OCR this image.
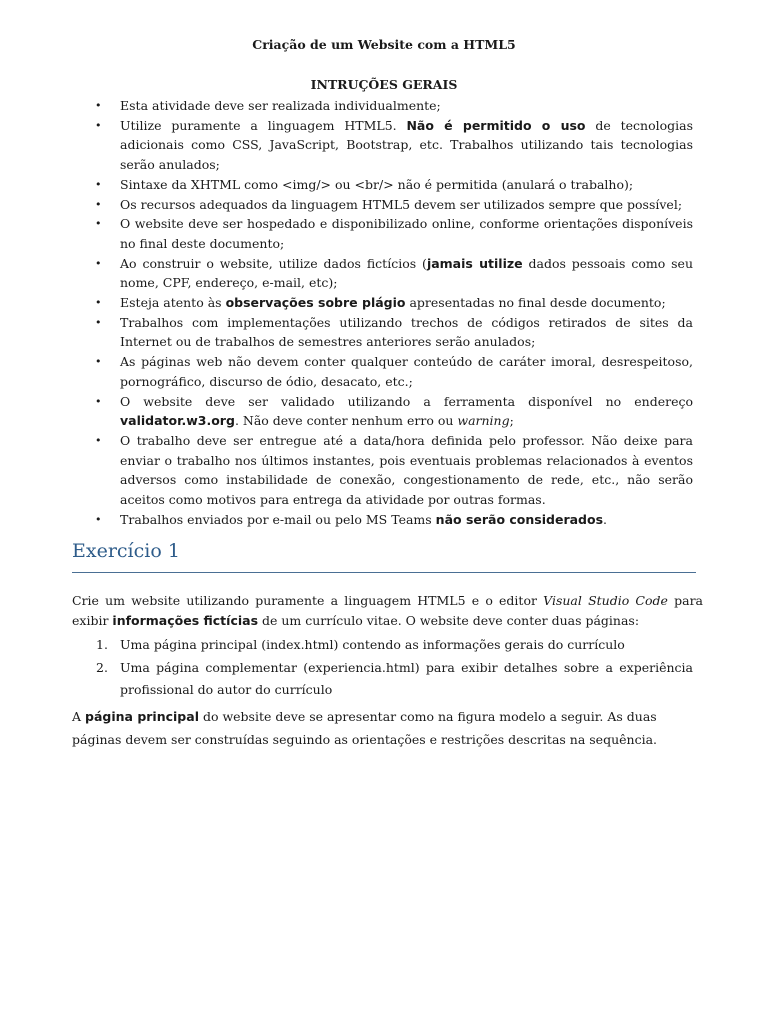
Criação de um Website com a HTML5
INTRUÇÕES GERAIS
• Esta atividade deve ser realizada individualmente;
• Utilize puramente a linguagem HTML5. Não é permitido o uso de tecnologias adicionais como CSS, JavaScript, Bootstrap, etc. Trabalhos utilizando tais tecnologias serão anulados;
• Sintaxe da XHTML como <img/> ou <br/> não é permitida (anulará o trabalho);
• Os recursos adequados da linguagem HTML5 devem ser utilizados sempre que possível;
• O website deve ser hospedado e disponibilizado online, conforme orientações disponíveis no final deste documento;
• Ao construir o website, utilize dados fictícios (jamais utilize dados pessoais como seu nome, CPF, endereço, e-mail, etc);
• Esteja atento às observações sobre plágio apresentadas no final desde documento;
• Trabalhos com implementações utilizando trechos de códigos retirados de sites da Internet ou de trabalhos de semestres anteriores serão anulados;
• As páginas web não devem conter qualquer conteúdo de caráter imoral, desrespeitoso, pornográfico, discurso de ódio, desacato, etc.;
• O website deve ser validado utilizando a ferramenta disponível no endereço validator.w3.org. Não deve conter nenhum erro ou warning;
• O trabalho deve ser entregue até a data/hora definida pelo professor. Não deixe para enviar o trabalho nos últimos instantes, pois eventuais problemas relacionados à eventos adversos como instabilidade de conexão, congestionamento de rede, etc., não serão aceitos como motivos para entrega da atividade por outras formas.
• Trabalhos enviados por e-mail ou pelo MS Teams não serão considerados.
Exercício 1
Crie um website utilizando puramente a linguagem HTML5 e o editor Visual Studio Code para exibir informações fictícias de um currículo vitae. O website deve conter duas páginas:
1. Uma página principal (index.html) contendo as informações gerais do currículo
2. Uma página complementar (experiencia.html) para exibir detalhes sobre a experiência profissional do autor do currículo
A página principal do website deve se apresentar como na figura modelo a seguir. As duas páginas devem ser construídas seguindo as orientações e restrições descritas na sequência.
